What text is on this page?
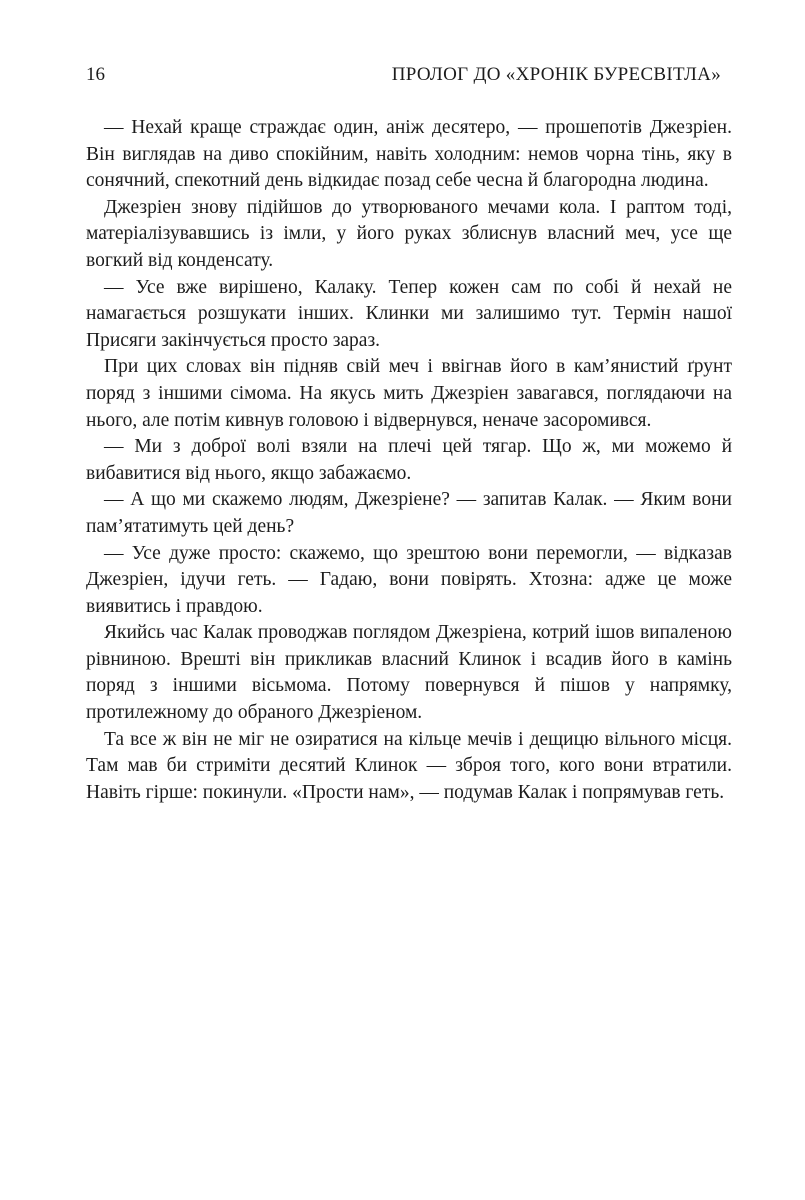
16	ПРОЛОГ ДО «ХРОНІК БУРЕСВІТЛА»

— Нехай краще страждає один, аніж десятеро, — прошепотів Джезріен. Він виглядав на диво спокійним, навіть холодним: немов чорна тінь, яку в сонячний, спекотний день відкидає позад себе чесна й благородна людина.

Джезріен знову підійшов до утворюваного мечами кола. І раптом тоді, матеріалізувавшись із імли, у його руках зблиснув власний меч, усе ще вогкий від конденсату.

— Усе вже вирішено, Калаку. Тепер кожен сам по собі й нехай не намагається розшукати інших. Клинки ми залишимо тут. Термін нашої Присяги закінчується просто зараз.

При цих словах він підняв свій меч і ввігнав його в кам’янистий ґрунт поряд з іншими сімома. На якусь мить Джезріен завагався, поглядаючи на нього, але потім кивнув головою і відвернувся, неначе засоромився.

— Ми з доброї волі взяли на плечі цей тягар. Що ж, ми можемо й вибавитися від нього, якщо забажаємо.

— А що ми скажемо людям, Джезріене? — запитав Калак. — Яким вони пам’ятатимуть цей день?

— Усе дуже просто: скажемо, що зрештою вони перемогли, — відказав Джезріен, ідучи геть. — Гадаю, вони повірять. Хтозна: адже це може виявитись і правдою.

Якийсь час Калак проводжав поглядом Джезріена, котрий ішов випаленою рівниною. Врешті він прикликав власний Клинок і всадив його в камінь поряд з іншими вісьмома. Потому повернувся й пішов у напрямку, протилежному до обраного Джезріеном.

Та все ж він не міг не озиратися на кільце мечів і дещицю вільного місця. Там мав би стриміти десятий Клинок — зброя того, кого вони втратили. Навіть гірше: покинули. «Прости нам», — подумав Калак і попрямував геть.
